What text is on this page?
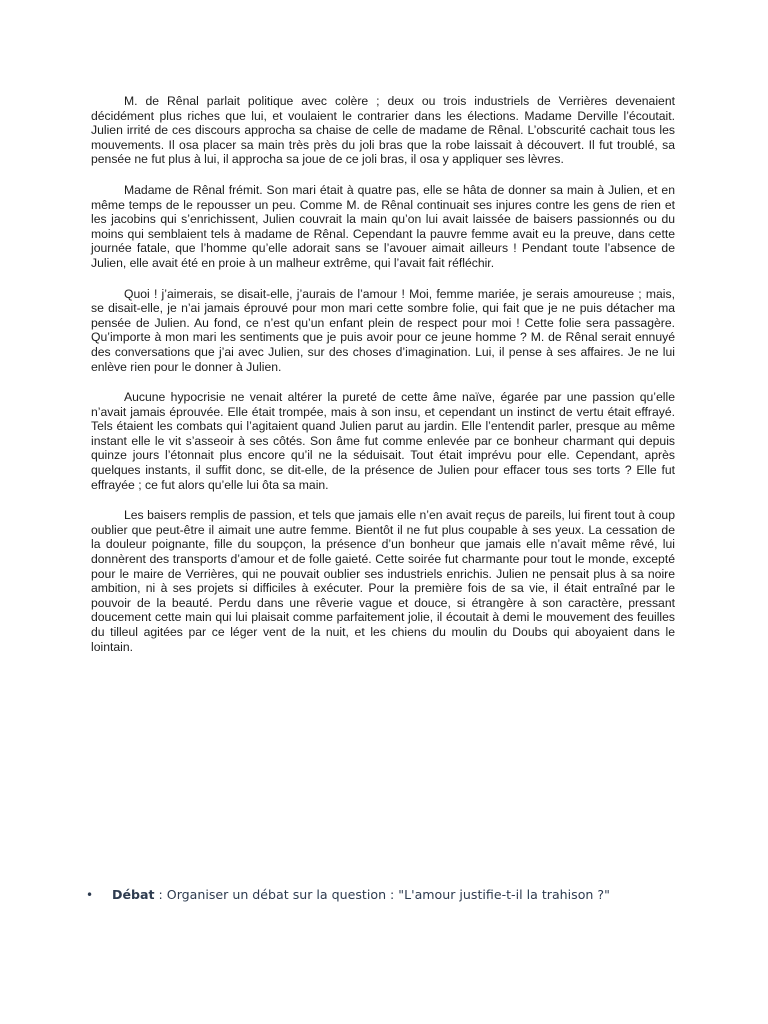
M. de Rênal parlait politique avec colère ; deux ou trois industriels de Verrières devenaient décidément plus riches que lui, et voulaient le contrarier dans les élections. Madame Derville l’écoutait. Julien irrité de ces discours approcha sa chaise de celle de madame de Rênal. L’obscurité cachait tous les mouvements. Il osa placer sa main très près du joli bras que la robe laissait à découvert. Il fut troublé, sa pensée ne fut plus à lui, il approcha sa joue de ce joli bras, il osa y appliquer ses lèvres.

Madame de Rênal frémit. Son mari était à quatre pas, elle se hâta de donner sa main à Julien, et en même temps de le repousser un peu. Comme M. de Rênal continuait ses injures contre les gens de rien et les jacobins qui s’enrichissent, Julien couvrait la main qu’on lui avait laissée de baisers passionnés ou du moins qui semblaient tels à madame de Rênal. Cependant la pauvre femme avait eu la preuve, dans cette journée fatale, que l’homme qu’elle adorait sans se l’avouer aimait ailleurs ! Pendant toute l’absence de Julien, elle avait été en proie à un malheur extrême, qui l’avait fait réfléchir.

Quoi ! j’aimerais, se disait-elle, j’aurais de l’amour ! Moi, femme mariée, je serais amoureuse ; mais, se disait-elle, je n’ai jamais éprouvé pour mon mari cette sombre folie, qui fait que je ne puis détacher ma pensée de Julien. Au fond, ce n’est qu’un enfant plein de respect pour moi ! Cette folie sera passagère. Qu’importe à mon mari les sentiments que je puis avoir pour ce jeune homme ? M. de Rênal serait ennuyé des conversations que j’ai avec Julien, sur des choses d’imagination. Lui, il pense à ses affaires. Je ne lui enlève rien pour le donner à Julien.

Aucune hypocrisie ne venait altérer la pureté de cette âme naïve, égarée par une passion qu’elle n’avait jamais éprouvée. Elle était trompée, mais à son insu, et cependant un instinct de vertu était effrayé. Tels étaient les combats qui l’agitaient quand Julien parut au jardin. Elle l’entendit parler, presque au même instant elle le vit s’asseoir à ses côtés. Son âme fut comme enlevée par ce bonheur charmant qui depuis quinze jours l’étonnait plus encore qu’il ne la séduisait. Tout était imprévu pour elle. Cependant, après quelques instants, il suffit donc, se dit-elle, de la présence de Julien pour effacer tous ses torts ? Elle fut effrayée ; ce fut alors qu’elle lui ôta sa main.

Les baisers remplis de passion, et tels que jamais elle n’en avait reçus de pareils, lui firent tout à coup oublier que peut-être il aimait une autre femme. Bientôt il ne fut plus coupable à ses yeux. La cessation de la douleur poignante, fille du soupçon, la présence d’un bonheur que jamais elle n’avait même rêvé, lui donnèrent des transports d’amour et de folle gaieté. Cette soirée fut charmante pour tout le monde, excepté pour le maire de Verrières, qui ne pouvait oublier ses industriels enrichis. Julien ne pensait plus à sa noire ambition, ni à ses projets si difficiles à exécuter. Pour la première fois de sa vie, il était entraîné par le pouvoir de la beauté. Perdu dans une rêverie vague et douce, si étrangère à son caractère, pressant doucement cette main qui lui plaisait comme parfaitement jolie, il écoutait à demi le mouvement des feuilles du tilleul agitées par ce léger vent de la nuit, et les chiens du moulin du Doubs qui aboyaient dans le lointain.

•	Débat : Organiser un débat sur la question : "L'amour justifie-t-il la trahison ?"
